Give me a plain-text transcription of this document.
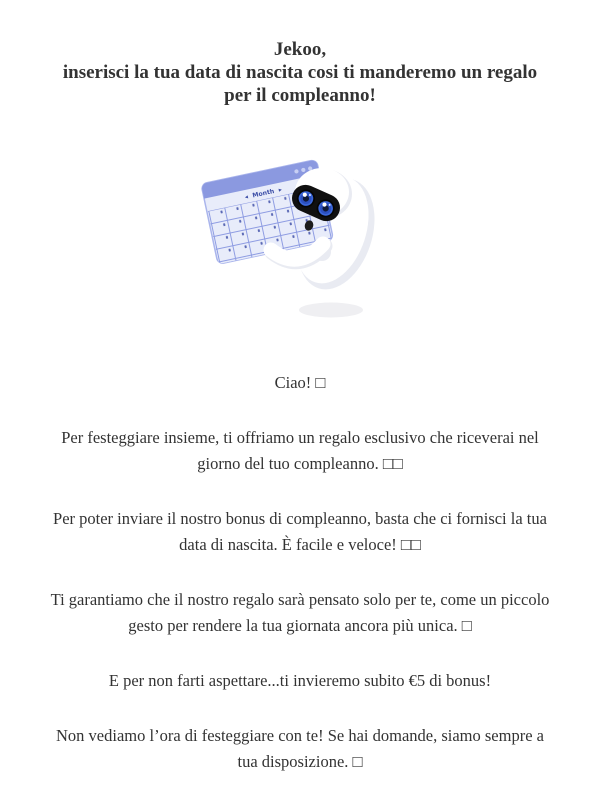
Jekoo,
inserisci la tua data di nascita cosi ti manderemo un regalo
per il compleanno!
◂ Month ▸

Ciao! □

Per festeggiare insieme, ti offriamo un regalo esclusivo che riceverai nel
giorno del tuo compleanno. □□

Per poter inviare il nostro bonus di compleanno, basta che ci fornisci la tua
data di nascita. È facile e veloce! □□

Ti garantiamo che il nostro regalo sarà pensato solo per te, come un piccolo
gesto per rendere la tua giornata ancora più unica. □

E per non farti aspettare...ti invieremo subito €5 di bonus!

Non vediamo l’ora di festeggiare con te! Se hai domande, siamo sempre a
tua disposizione. □
